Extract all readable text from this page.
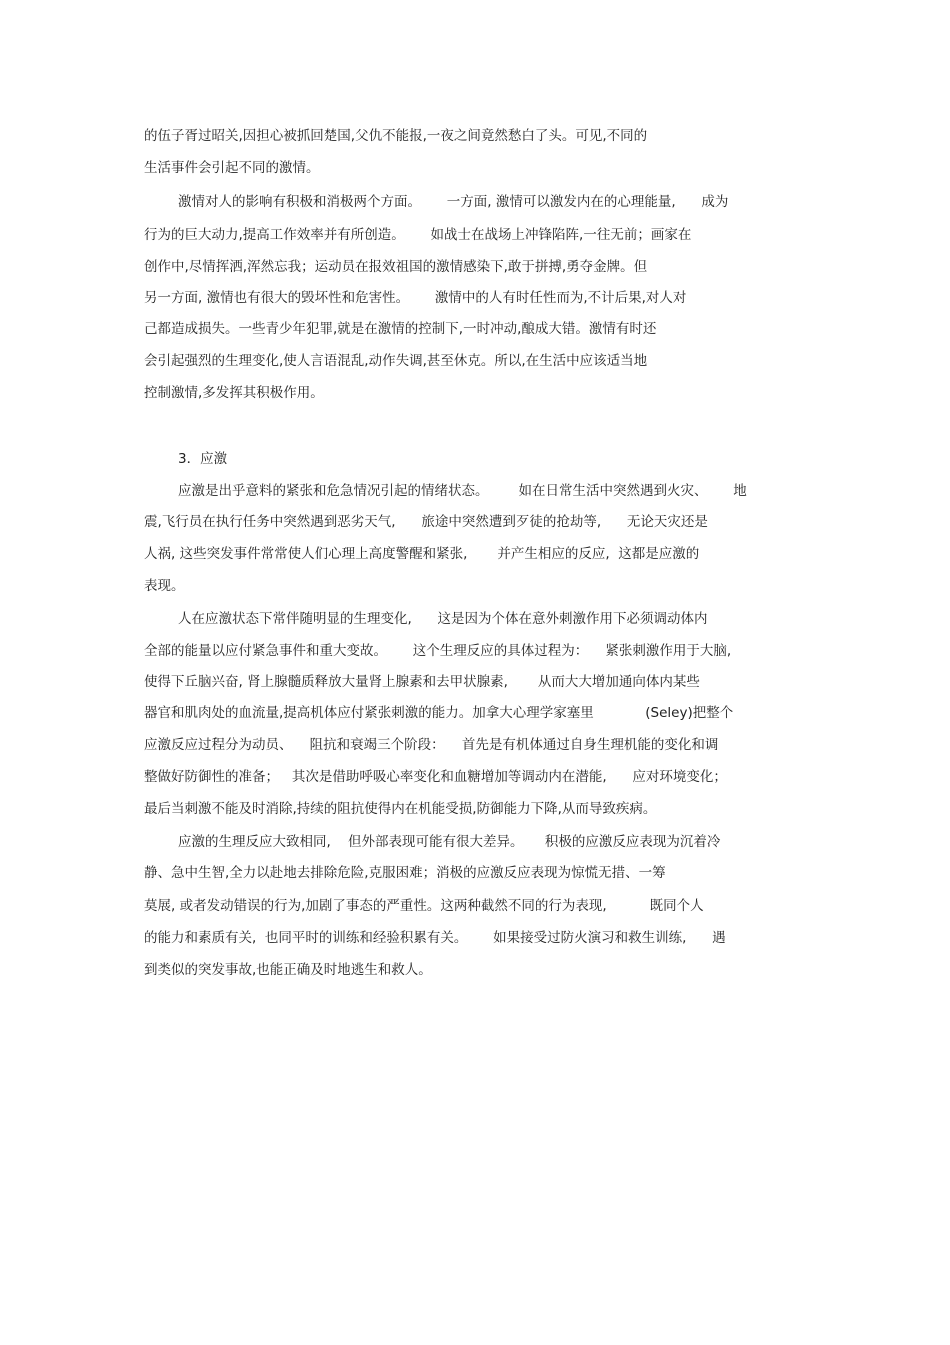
的伍子胥过昭关,因担心被抓回楚国,父仇不能报,一夜之间竟然愁白了头。可见,不同的
生活事件会引起不同的激情。
激情对人的影响有积极和消极两个方面。      一方面, 激情可以激发内在的心理能量,      成为
行为的巨大动力,提高工作效率并有所创造。      如战士在战场上冲锋陷阵,一往无前；画家在
创作中,尽情挥洒,浑然忘我；运动员在报效祖国的激情感染下,敢于拼搏,勇夺金牌。但
另一方面, 激情也有很大的毁坏性和危害性。      激情中的人有时任性而为,不计后果,对人对
己都造成损失。一些青少年犯罪,就是在激情的控制下,一时冲动,酿成大错。激情有时还
会引起强烈的生理变化,使人言语混乱,动作失调,甚至休克。所以,在生活中应该适当地
控制激情,多发挥其积极作用。
3．应激
应激是出乎意料的紧张和危急情况引起的情绪状态。       如在日常生活中突然遇到火灾、      地
震,飞行员在执行任务中突然遇到恶劣天气,      旅途中突然遭到歹徒的抢劫等,      无论天灾还是
人祸, 这些突发事件常常使人们心理上高度警醒和紧张,       并产生相应的反应,  这都是应激的
表现。
人在应激状态下常伴随明显的生理变化,      这是因为个体在意外刺激作用下必须调动体内
全部的能量以应付紧急事件和重大变故。      这个生理反应的具体过程为：    紧张刺激作用于大脑,
使得下丘脑兴奋, 肾上腺髓质释放大量肾上腺素和去甲状腺素,       从而大大增加通向体内某些
器官和肌肉处的血流量,提高机体应付紧张刺激的能力。加拿大心理学家塞里            (Seley)把整个
应激反应过程分为动员、    阻抗和衰竭三个阶段：    首先是有机体通过自身生理机能的变化和调
整做好防御性的准备；   其次是借助呼吸心率变化和血糖增加等调动内在潜能,      应对环境变化；
最后当刺激不能及时消除,持续的阻抗使得内在机能受损,防御能力下降,从而导致疾病。
应激的生理反应大致相同,    但外部表现可能有很大差异。     积极的应激反应表现为沉着冷
静、急中生智,全力以赴地去排除危险,克服困难；消极的应激反应表现为惊慌无措、一筹
莫展, 或者发动错误的行为,加剧了事态的严重性。这两种截然不同的行为表现,          既同个人
的能力和素质有关,  也同平时的训练和经验积累有关。      如果接受过防火演习和救生训练,      遇
到类似的突发事故,也能正确及时地逃生和救人。
